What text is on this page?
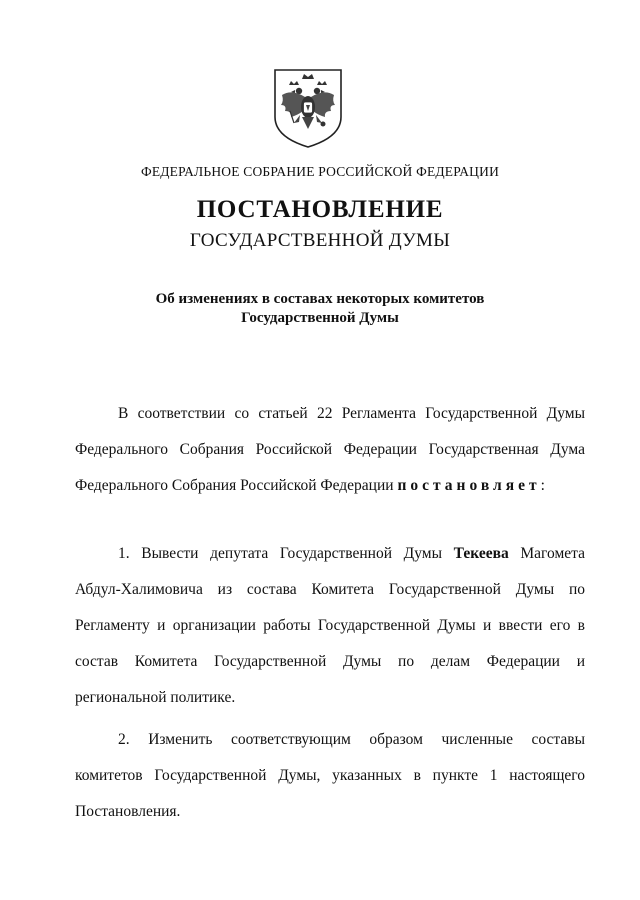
ФЕДЕРАЛЬНОЕ СОБРАНИЕ РОССИЙСКОЙ ФЕДЕРАЦИИ
ПОСТАНОВЛЕНИЕ
ГОСУДАРСТВЕННОЙ ДУМЫ
Об изменениях в составах некоторых комитетов
Государственной Думы
В соответствии со статьей 22 Регламента Государственной Думы
Федерального Собрания Российской Федерации Государственная Дума
Федерального Собрания Российской Федерации постановляет:
1. Вывести депутата Государственной Думы Текеева Магомета
Абдул-Халимовича из состава Комитета Государственной Думы по
Регламенту и организации работы Государственной Думы и ввести его в
состав Комитета Государственной Думы по делам Федерации и
региональной политике.
2. Изменить соответствующим образом численные составы
комитетов Государственной Думы, указанных в пункте 1 настоящего
Постановления.
